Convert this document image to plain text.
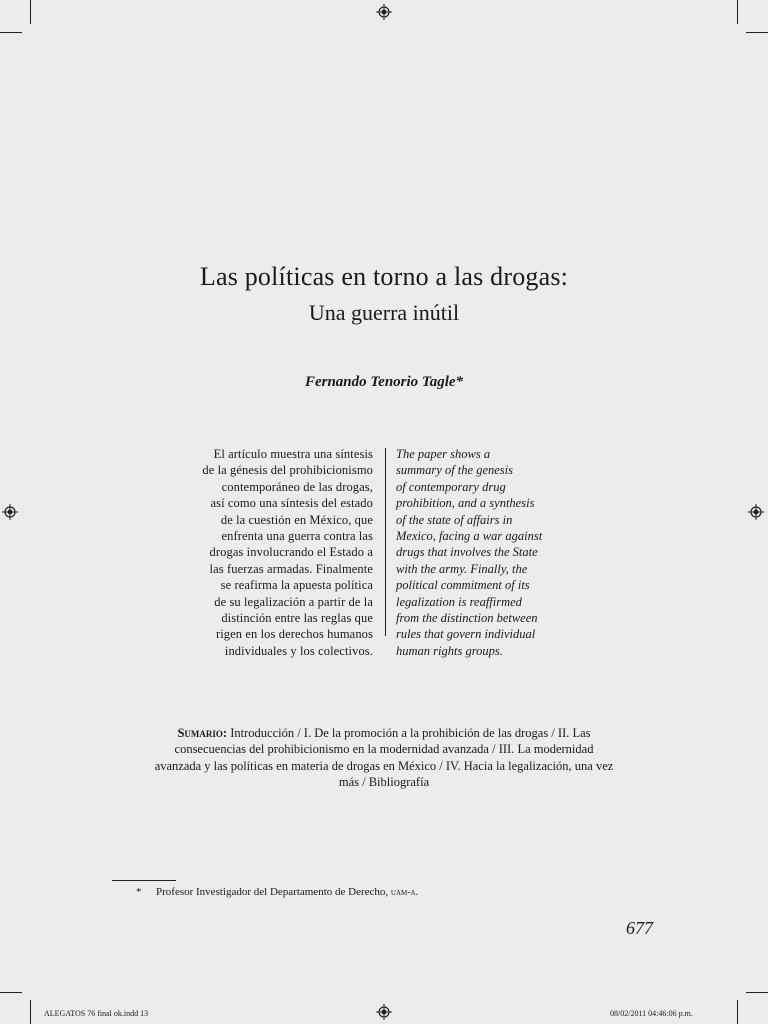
Las políticas en torno a las drogas:
Una guerra inútil
Fernando Tenorio Tagle*
El artículo muestra una síntesis
de la génesis del prohibicionismo
contemporáneo de las drogas,
así como una síntesis del estado
de la cuestión en México, que
enfrenta una guerra contra las
drogas involucrando el Estado a
las fuerzas armadas. Finalmente
se reafirma la apuesta política
de su legalización a partir de la
distinción entre las reglas que
rigen en los derechos humanos
individuales y los colectivos.
The paper shows a
summary of the genesis
of contemporary drug
prohibition, and a synthesis
of the state of affairs in
Mexico, facing a war against
drugs that involves the State
with the army. Finally, the
political commitment of its
legalization is reaffirmed
from the distinction between
rules that govern individual
human rights groups.
Sumario: Introducción / I. De la promoción a la prohibición de las drogas / II. Las consecuencias del prohibicionismo en la modernidad avanzada / III. La modernidad avanzada y las políticas en materia de drogas en México / IV. Hacia la legalización, una vez más / Bibliografía
* Profesor Investigador del Departamento de Derecho, uam-a.
677
ALEGATOS 76 final ok.indd 13	08/02/2011 04:46:06 p.m.
